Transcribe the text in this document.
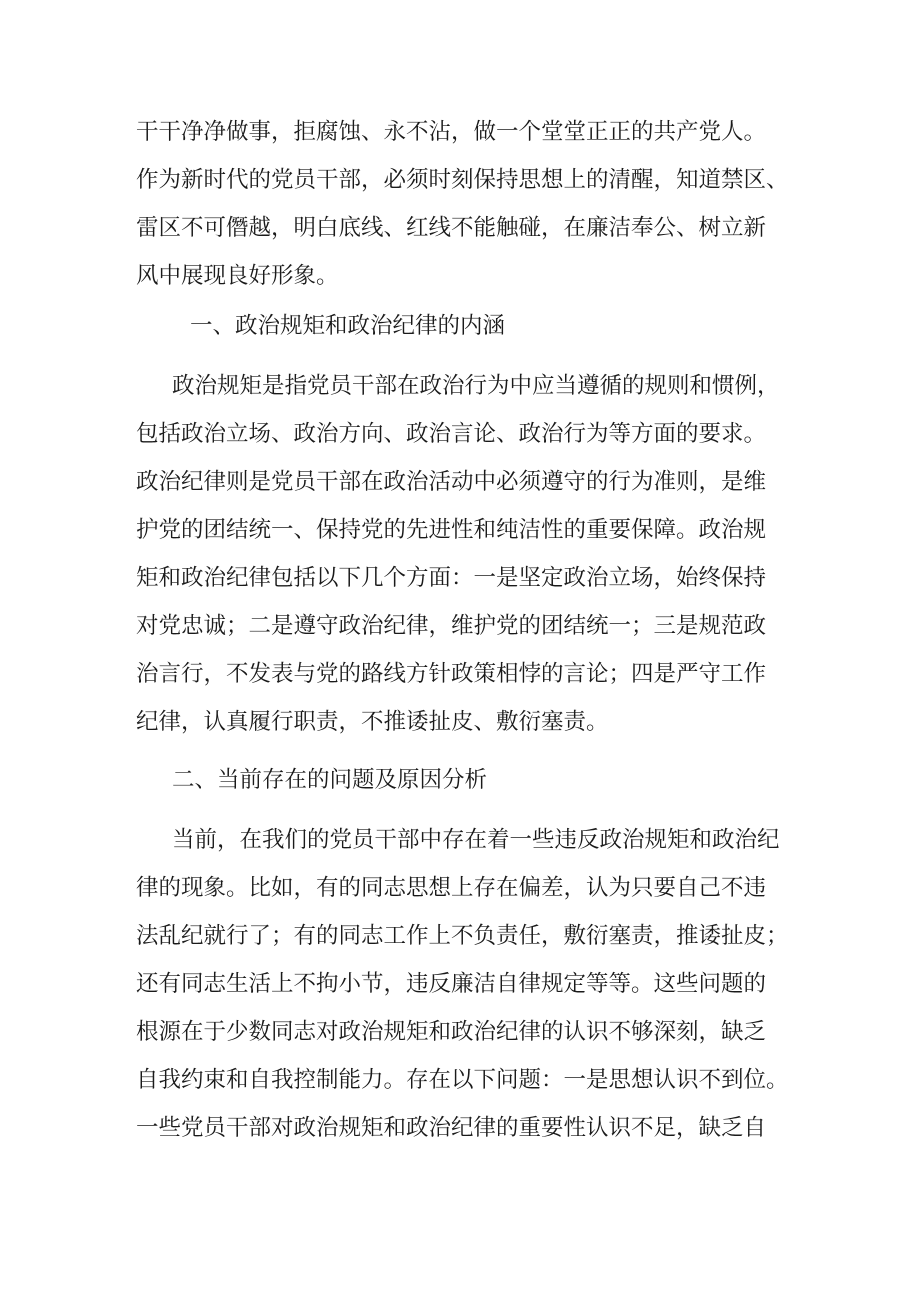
干干净净做事，拒腐蚀、永不沾，做一个堂堂正正的共产党人。
作为新时代的党员干部，必须时刻保持思想上的清醒，知道禁区、
雷区不可僭越，明白底线、红线不能触碰，在廉洁奉公、树立新
风中展现良好形象。
一、政治规矩和政治纪律的内涵
政治规矩是指党员干部在政治行为中应当遵循的规则和惯例，
包括政治立场、政治方向、政治言论、政治行为等方面的要求。
政治纪律则是党员干部在政治活动中必须遵守的行为准则，是维
护党的团结统一、保持党的先进性和纯洁性的重要保障。政治规
矩和政治纪律包括以下几个方面：一是坚定政治立场，始终保持
对党忠诚；二是遵守政治纪律，维护党的团结统一；三是规范政
治言行，不发表与党的路线方针政策相悖的言论；四是严守工作
纪律，认真履行职责，不推诿扯皮、敷衍塞责。
二、当前存在的问题及原因分析
当前，在我们的党员干部中存在着一些违反政治规矩和政治纪
律的现象。比如，有的同志思想上存在偏差，认为只要自己不违
法乱纪就行了；有的同志工作上不负责任，敷衍塞责，推诿扯皮；
还有同志生活上不拘小节，违反廉洁自律规定等等。这些问题的
根源在于少数同志对政治规矩和政治纪律的认识不够深刻，缺乏
自我约束和自我控制能力。存在以下问题：一是思想认识不到位。
一些党员干部对政治规矩和政治纪律的重要性认识不足，缺乏自
